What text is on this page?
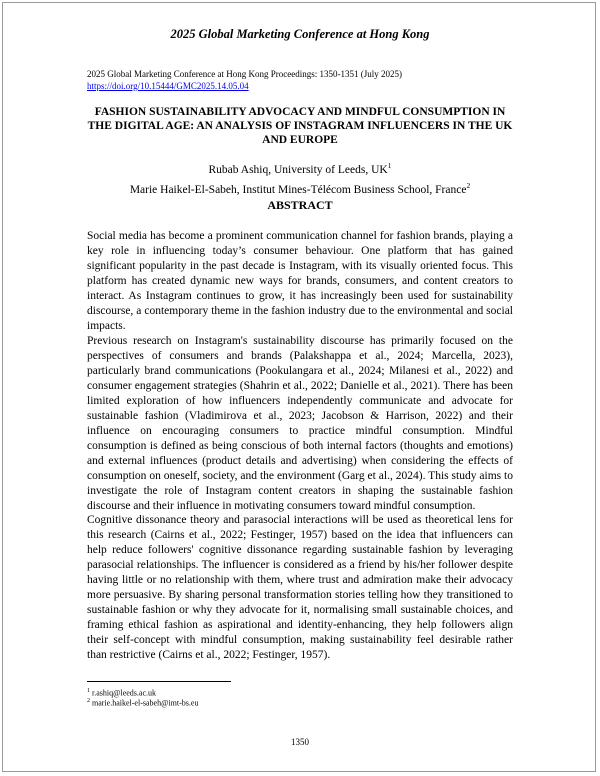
2025 Global Marketing Conference at Hong Kong
2025 Global Marketing Conference at Hong Kong Proceedings: 1350-1351 (July 2025)
https://doi.org/10.15444/GMC2025.14.05.04
FASHION SUSTAINABILITY ADVOCACY AND MINDFUL CONSUMPTION IN THE DIGITAL AGE: AN ANALYSIS OF INSTAGRAM INFLUENCERS IN THE UK AND EUROPE
Rubab Ashiq, University of Leeds, $UK^1$
Marie Haikel-El-Sabeh, Institut Mines-Télécom Business School, France$^2$
ABSTRACT

Social media has become a prominent communication channel for fashion brands, playing a key role in influencing today’s consumer behaviour. One platform that has gained significant popularity in the past decade is Instagram, with its visually oriented focus. This platform has created dynamic new ways for brands, consumers, and content creators to interact. As Instagram continues to grow, it has increasingly been used for sustainability discourse, a contemporary theme in the fashion industry due to the environmental and social impacts.

Previous research on Instagram's sustainability discourse has primarily focused on the perspectives of consumers and brands (Palakshappa et al., 2024; Marcella, 2023), particularly brand communications (Pookulangara et al., 2024; Milanesi et al., 2022) and consumer engagement strategies (Shahrin et al., 2022; Danielle et al., 2021). There has been limited exploration of how influencers independently communicate and advocate for sustainable fashion (Vladimirova et al., 2023; Jacobson & Harrison, 2022) and their influence on encouraging consumers to practice mindful consumption. Mindful consumption is defined as being conscious of both internal factors (thoughts and emotions) and external influences (product details and advertising) when considering the effects of consumption on oneself, society, and the environment (Garg et al., 2024). This study aims to investigate the role of Instagram content creators in shaping the sustainable fashion discourse and their influence in motivating consumers toward mindful consumption.

Cognitive dissonance theory and parasocial interactions will be used as theoretical lens for this research (Cairns et al., 2022; Festinger, 1957) based on the idea that influencers can help reduce followers' cognitive dissonance regarding sustainable fashion by leveraging parasocial relationships. The influencer is considered as a friend by his/her follower despite having little or no relationship with them, where trust and admiration make their advocacy more persuasive. By sharing personal transformation stories telling how they transitioned to sustainable fashion or why they advocate for it, normalising small sustainable choices, and framing ethical fashion as aspirational and identity-enhancing, they help followers align their self-concept with mindful consumption, making sustainability feel desirable rather than restrictive (Cairns et al., 2022; Festinger, 1957).

$^1$ r.ashiq@leeds.ac.uk
$^2$ marie.haikel-el-sabeh@imt-bs.eu
1350
